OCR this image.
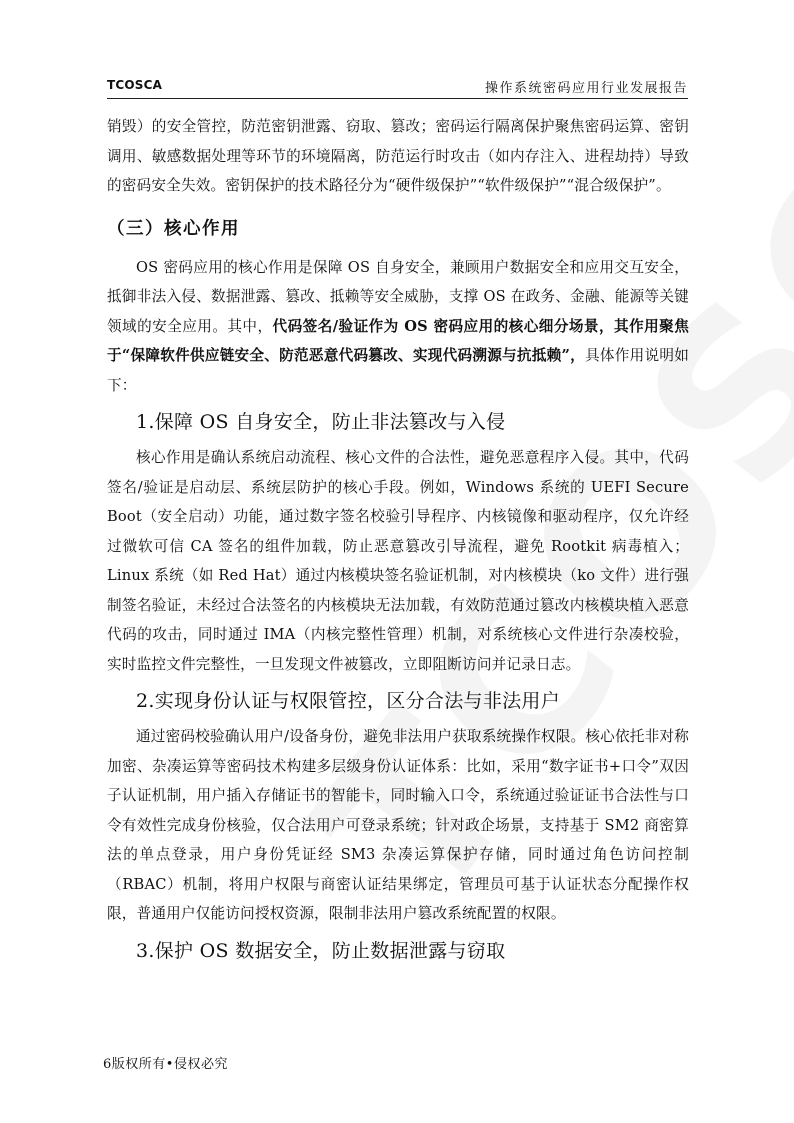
TCOSCA	操作系统密码应用行业发展报告

销毁）的安全管控，防范密钥泄露、窃取、篡改；密码运行隔离保护聚焦密码运算、密钥调用、敏感数据处理等环节的环境隔离，防范运行时攻击（如内存注入、进程劫持）导致的密码安全失效。密钥保护的技术路径分为“硬件级保护”“软件级保护”“混合级保护”。

（三）核心作用

OS 密码应用的核心作用是保障 OS 自身安全，兼顾用户数据安全和应用交互安全，抵御非法入侵、数据泄露、篡改、抵赖等安全威胁，支撑 OS 在政务、金融、能源等关键领域的安全应用。其中，代码签名/验证作为 OS 密码应用的核心细分场景，其作用聚焦于“保障软件供应链安全、防范恶意代码篡改、实现代码溯源与抗抵赖”，具体作用说明如下：

1.保障 OS 自身安全，防止非法篡改与入侵

核心作用是确认系统启动流程、核心文件的合法性，避免恶意程序入侵。其中，代码签名/验证是启动层、系统层防护的核心手段。例如，Windows 系统的 UEFI Secure Boot（安全启动）功能，通过数字签名校验引导程序、内核镜像和驱动程序，仅允许经过微软可信 CA 签名的组件加载，防止恶意篡改引导流程，避免 Rootkit 病毒植入；Linux 系统（如 Red Hat）通过内核模块签名验证机制，对内核模块（ko 文件）进行强制签名验证，未经过合法签名的内核模块无法加载，有效防范通过篡改内核模块植入恶意代码的攻击，同时通过 IMA（内核完整性管理）机制，对系统核心文件进行杂凑校验，实时监控文件完整性，一旦发现文件被篡改，立即阻断访问并记录日志。

2.实现身份认证与权限管控，区分合法与非法用户

通过密码校验确认用户/设备身份，避免非法用户获取系统操作权限。核心依托非对称加密、杂凑运算等密码技术构建多层级身份认证体系：比如，采用“数字证书+口令”双因子认证机制，用户插入存储证书的智能卡，同时输入口令，系统通过验证证书合法性与口令有效性完成身份核验，仅合法用户可登录系统；针对政企场景，支持基于 SM2 商密算法的单点登录，用户身份凭证经 SM3 杂凑运算保护存储，同时通过角色访问控制（RBAC）机制，将用户权限与商密认证结果绑定，管理员可基于认证状态分配操作权限，普通用户仅能访问授权资源，限制非法用户篡改系统配置的权限。

3.保护 OS 数据安全，防止数据泄露与窃取
6版权所有•侵权必究
